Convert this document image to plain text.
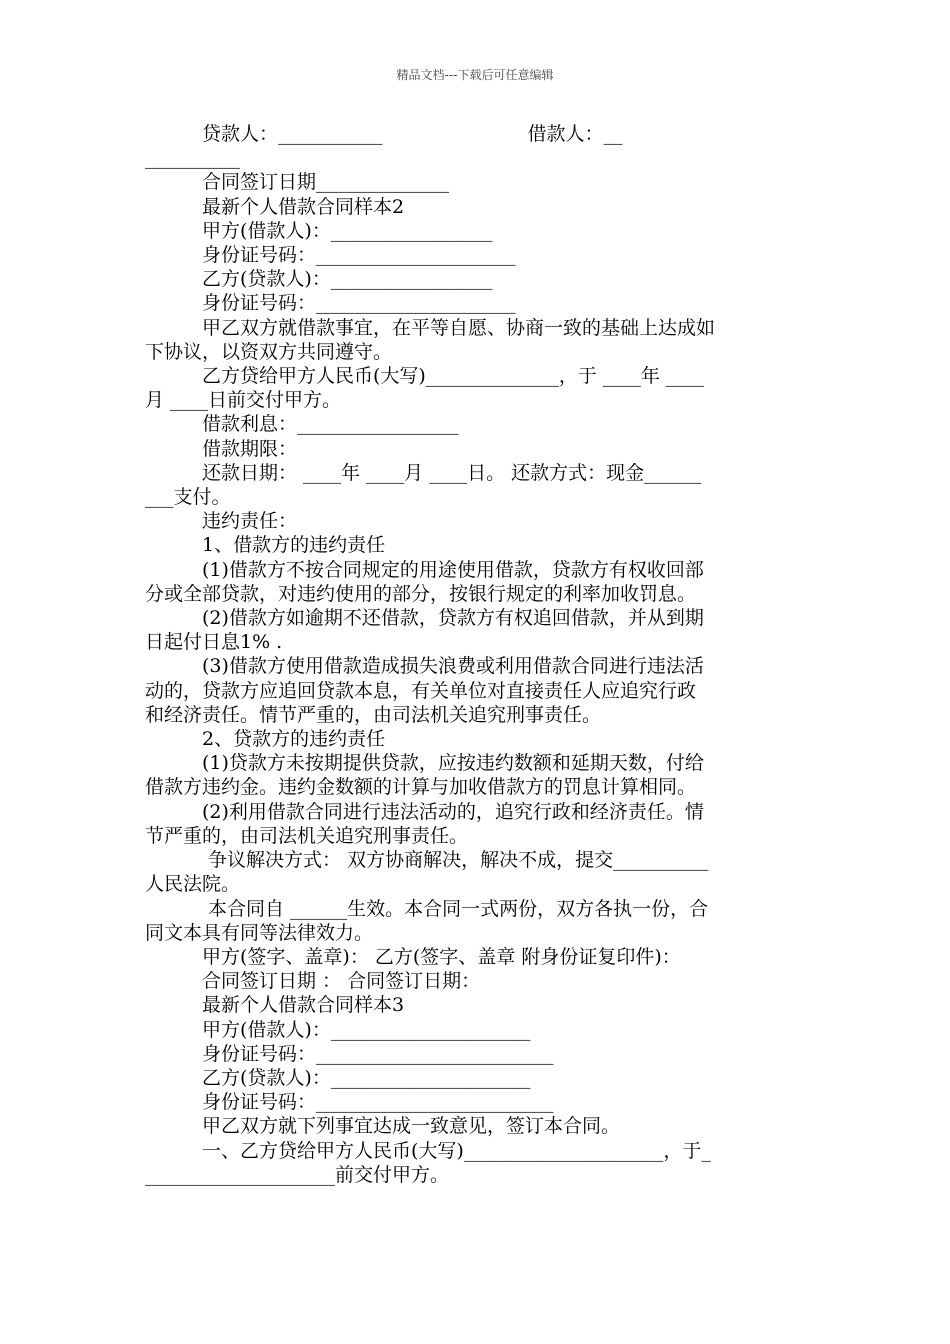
精品文档---下载后可任意编辑
贷款人：___________                        借款人：__
__________
合同签订日期______________
最新个人借款合同样本2
甲方(借款人)：_________________
身份证号码：_____________________
乙方(贷款人)：_________________
身份证号码：_____________________
甲乙双方就借款事宜，在平等自愿、协商一致的基础上达成如
下协议，以资双方共同遵守。
乙方贷给甲方人民币(大写)______________，于 ____年 ____
月 ____日前交付甲方。
借款利息：_________________
借款期限：
还款日期： ____年 ____月 ____日。 还款方式：现金______
___支付。
违约责任：
1、借款方的违约责任
(1)借款方不按合同规定的用途使用借款，贷款方有权收回部
分或全部贷款，对违约使用的部分，按银行规定的利率加收罚息。
(2)借款方如逾期不还借款，贷款方有权追回借款，并从到期
日起付日息1% .
(3)借款方使用借款造成损失浪费或利用借款合同进行违法活
动的，贷款方应追回贷款本息，有关单位对直接责任人应追究行政
和经济责任。情节严重的，由司法机关追究刑事责任。
2、贷款方的违约责任
(1)贷款方未按期提供贷款，应按违约数额和延期天数，付给
借款方违约金。违约金数额的计算与加收借款方的罚息计算相同。
(2)利用借款合同进行违法活动的，追究行政和经济责任。情
节严重的，由司法机关追究刑事责任。
争议解决方式： 双方协商解决，解决不成，提交__________
人民法院。
本合同自 ______生效。本合同一式两份，双方各执一份，合
同文本具有同等法律效力。
甲方(签字、盖章)： 乙方(签字、盖章 附身份证复印件)：
合同签订日期 ： 合同签订日期：
最新个人借款合同样本3
甲方(借款人)：_____________________
身份证号码：_________________________
乙方(贷款人)：_____________________
身份证号码：_________________________
甲乙双方就下列事宜达成一致意见，签订本合同。
一、乙方贷给甲方人民币(大写)_____________________，于_
____________________前交付甲方。
